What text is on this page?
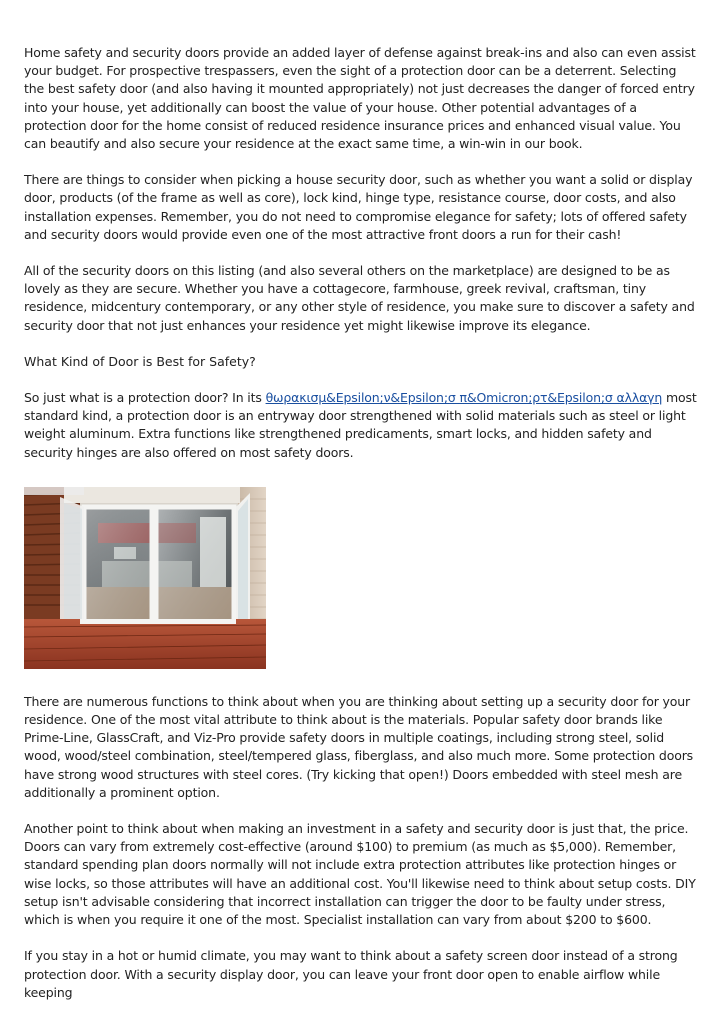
Home safety and security doors provide an added layer of defense against break-ins and also can even assist your budget. For prospective trespassers, even the sight of a protection door can be a deterrent. Selecting the best safety door (and also having it mounted appropriately) not just decreases the danger of forced entry into your house, yet additionally can boost the value of your house. Other potential advantages of a protection door for the home consist of reduced residence insurance prices and enhanced visual value. You can beautify and also secure your residence at the exact same time, a win-win in our book.

There are things to consider when picking a house security door, such as whether you want a solid or display door, products (of the frame as well as core), lock kind, hinge type, resistance course, door costs, and also installation expenses. Remember, you do not need to compromise elegance for safety; lots of offered safety and security doors would provide even one of the most attractive front doors a run for their cash!

All of the security doors on this listing (and also several others on the marketplace) are designed to be as lovely as they are secure. Whether you have a cottagecore, farmhouse, greek revival, craftsman, tiny residence, midcentury contemporary, or any other style of residence, you make sure to discover a safety and security door that not just enhances your residence yet might likewise improve its elegance.

What Kind of Door is Best for Safety?

So just what is a protection door? In its θωρακισμ&Epsilon;ν&Epsilon;σ π&Omicron;ρτ&Epsilon;σ αλλαγη most standard kind, a protection door is an entryway door strengthened with solid materials such as steel or light weight aluminum. Extra functions like strengthened predicaments, smart locks, and hidden safety and security hinges are also offered on most safety doors.

There are numerous functions to think about when you are thinking about setting up a security door for your residence. One of the most vital attribute to think about is the materials. Popular safety door brands like Prime-Line, GlassCraft, and Viz-Pro provide safety doors in multiple coatings, including strong steel, solid wood, wood/steel combination, steel/tempered glass, fiberglass, and also much more. Some protection doors have strong wood structures with steel cores. (Try kicking that open!) Doors embedded with steel mesh are additionally a prominent option.

Another point to think about when making an investment in a safety and security door is just that, the price. Doors can vary from extremely cost-effective (around $100) to premium (as much as $5,000). Remember, standard spending plan doors normally will not include extra protection attributes like protection hinges or wise locks, so those attributes will have an additional cost. You'll likewise need to think about setup costs. DIY setup isn't advisable considering that incorrect installation can trigger the door to be faulty under stress, which is when you require it one of the most. Specialist installation can vary from about $200 to $600.

If you stay in a hot or humid climate, you may want to think about a safety screen door instead of a strong protection door. With a security display door, you can leave your front door open to enable airflow while keeping
